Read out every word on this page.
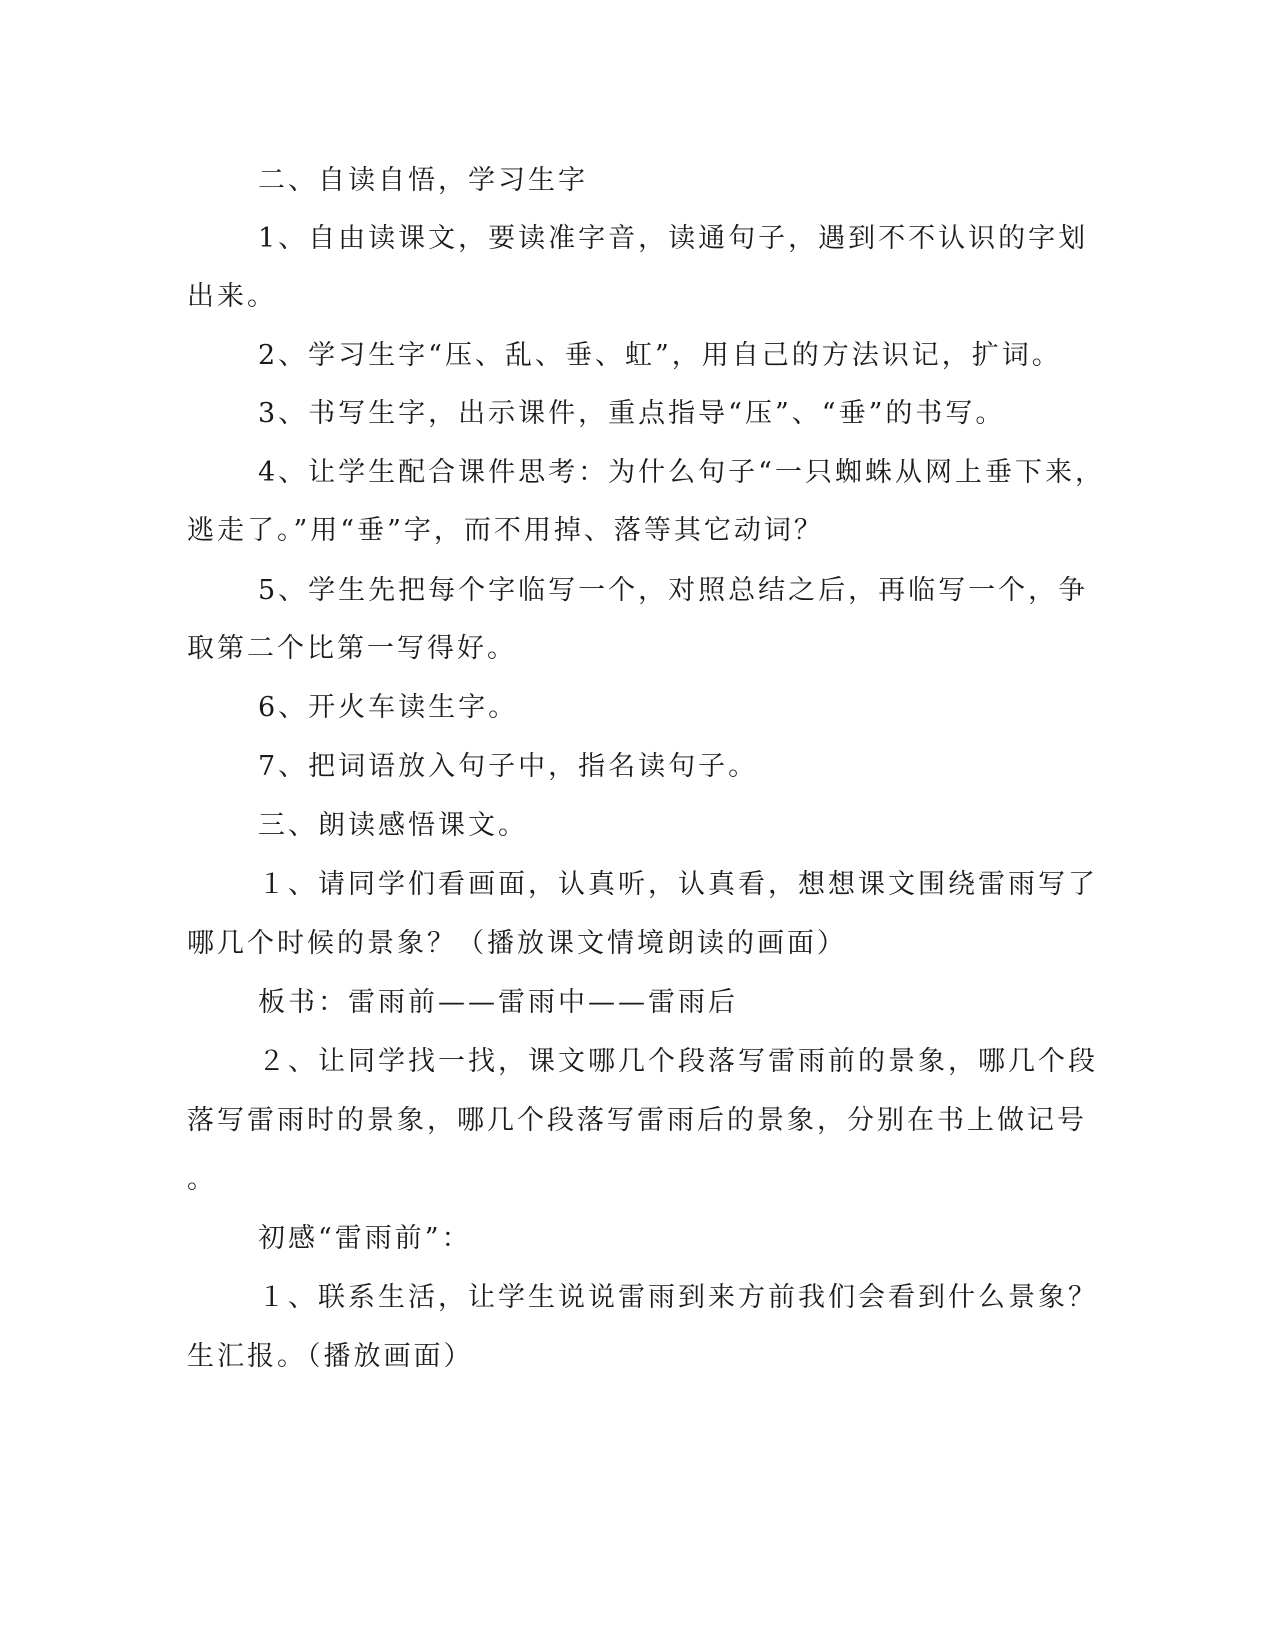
二、自读自悟，学习生字
1、自由读课文，要读准字音，读通句子，遇到不不认识的字划
出来。
2、学习生字“压、乱、垂、虹”，用自己的方法识记，扩词。
3、书写生字，出示课件，重点指导“压”、“垂”的书写。
4、让学生配合课件思考：为什么句子“一只蜘蛛从网上垂下来，
逃走了。”用“垂”字，而不用掉、落等其它动词？
5、学生先把每个字临写一个，对照总结之后，再临写一个，争
取第二个比第一写得好。
6、开火车读生字。
7、把词语放入句子中，指名读句子。
三、朗读感悟课文。
１、请同学们看画面，认真听，认真看，想想课文围绕雷雨写了
哪几个时候的景象？（播放课文情境朗读的画面）
板书：雷雨前——雷雨中——雷雨后
２、让同学找一找，课文哪几个段落写雷雨前的景象，哪几个段
落写雷雨时的景象，哪几个段落写雷雨后的景象，分别在书上做记号
。
初感“雷雨前”：
１、联系生活，让学生说说雷雨到来方前我们会看到什么景象？
生汇报。（播放画面）
